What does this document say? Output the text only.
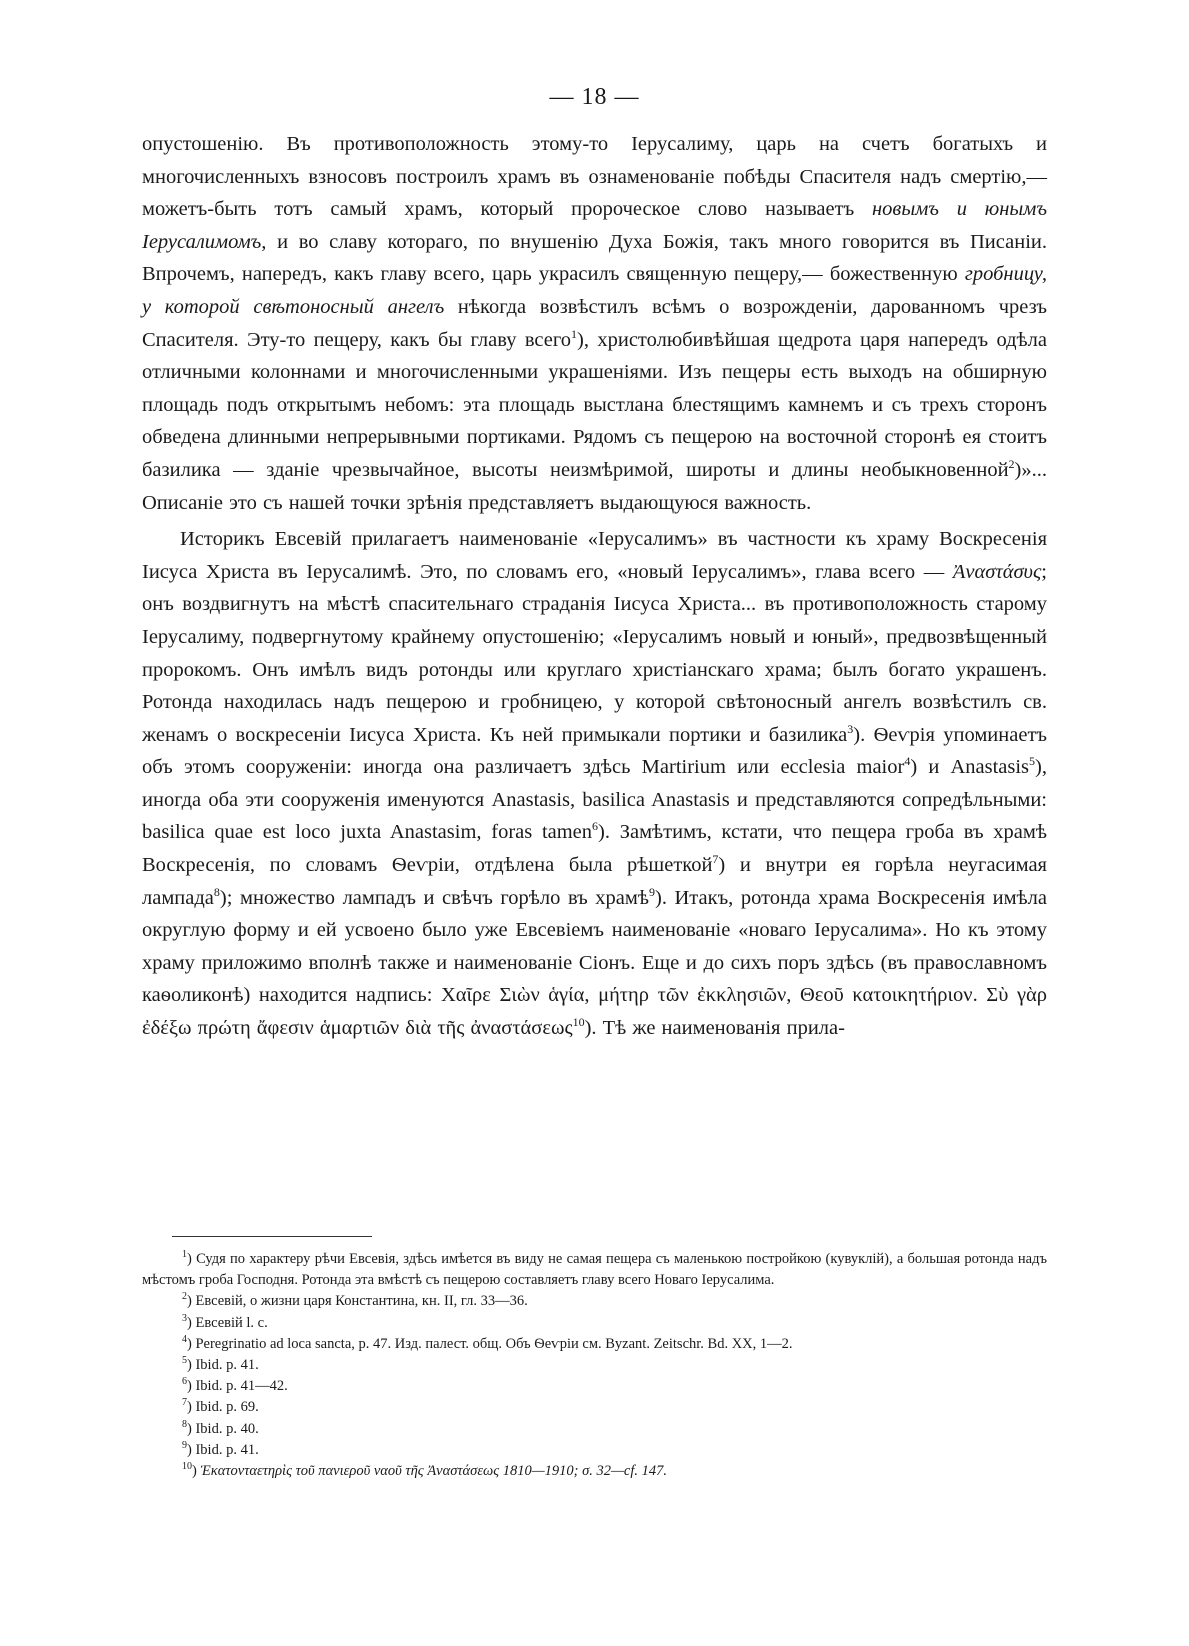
— 18 —

опустошенію. Въ противоположность этому-то Іерусалиму, царь на счетъ богатыхъ и многочисленныхъ взносовъ построилъ храмъ въ ознаменованіе побѣды Спасителя надъ смертію,— можетъ-быть тотъ самый храмъ, который пророческое слово называетъ новымъ и юнымъ Іерусалимомъ, и во славу котораго, по внушенію Духа Божія, такъ много говорится въ Писаніи. Впрочемъ, напередъ, какъ главу всего, царь украсилъ священную пещеру,— божественную гробницу, у которой свѣтоносный ангелъ нѣкогда возвѣстилъ всѣмъ о возрожденіи, дарованномъ чрезъ Спасителя. Эту-то пещеру, какъ бы главу всего$^1$), христолюбивѣйшая щедрота царя напередъ одѣла отличными колоннами и многочисленными украшеніями. Изъ пещеры есть выходъ на обширную площадь подъ открытымъ небомъ: эта площадь выстлана блестящимъ камнемъ и съ трехъ сторонъ обведена длинными непрерывными портиками. Рядомъ съ пещерою на восточной сторонѣ ея стоитъ базилика — зданіе чрезвычайное, высоты неизмѣримой, широты и длины необыкновенной$^2$)»... Описаніе это съ нашей точки зрѣнія представляетъ выдающуюся важность.

Историкъ Евсевій прилагаетъ наименованіе «Іерусалимъ» въ частности къ храму Воскресенія Іисуса Христа въ Іерусалимѣ. Это, по словамъ его, «новый Іерусалимъ», глава всего — Ἀναστάσυς; онъ воздвигнутъ на мѣстѣ спасительнаго страданія Іисуса Христа... въ противоположность старому Іерусалиму, подвергнутому крайнему опустошенію; «Іерусалимъ новый и юный», предвозвѣщенный пророкомъ. Онъ имѣлъ видъ ротонды или круглаго христіанскаго храма; былъ богато украшенъ. Ротонда находилась надъ пещерою и гробницею, у которой свѣтоносный ангелъ возвѣстилъ св. женамъ о воскресеніи Іисуса Христа. Къ ней примыкали портики и базилика$^3$). Ѳеѵрія упоминаетъ объ этомъ сооруженіи: иногда она различаетъ здѣсь Martirium или ecclesia maior$^4$) и Anastasis$^5$), иногда оба эти сооруженія именуются Anastasis, basilica Anastasis и представляются сопредѣльными: basilica quae est loco juxta Anastasim, foras tamen$^6$). Замѣтимъ, кстати, что пещера гроба въ храмѣ Воскресенія, по словамъ Ѳеѵріи, отдѣлена была рѣшеткой$^7$) и внутри ея горѣла неугасимая лампада$^8$); множество лампадъ и свѣчъ горѣло въ храмѣ$^9$). Итакъ, ротонда храма Воскресенія имѣла округлую форму и ей усвоено было уже Евсевіемъ наименованіе «новаго Іерусалима». Но къ этому храму приложимо вполнѣ также и наименованіе Сіонъ. Еще и до сихъ поръ здѣсь (въ православномъ каѳоликонѣ) находится надпись: Χαῖρε Σιὼν ἁγία, μήτηρ τῶν ἐκκλησιῶν, Θεοῦ κατοικητήριον. Σὺ γὰρ ἐδέξω πρώτη ἄφεσιν ἁμαρτιῶν διὰ τῆς ἀναστάσεως$^{10}$). Тѣ же наименованія прила-

$^1$) Судя по характеру рѣчи Евсевія, здѣсь имѣется въ виду не самая пещера съ маленькою постройкою (кувуклій), а большая ротонда надъ мѣстомъ гроба Господня. Ротонда эта вмѣстѣ съ пещерою составляетъ главу всего Новаго Іерусалима.
$^2$) Евсевій, о жизни царя Константина, кн. II, гл. 33—36.
$^3$) Евсевій l. c.
$^4$) Peregrinatio ad loca sancta, p. 47. Изд. палест. общ. Объ Ѳеѵріи см. Byzant. Zeitschr. Bd. XX, 1—2.
$^5$) Ibid. p. 41.
$^6$) Ibid. p. 41—42.
$^7$) Ibid. p. 69.
$^8$) Ibid. p. 40.
$^9$) Ibid. p. 41.
$^{10}$) Ἑκατονταετηρὶς τοῦ πανιεροῦ ναοῦ τῆς Ἀναστάσεως 1810—1910; σ. 32—cf. 147.
